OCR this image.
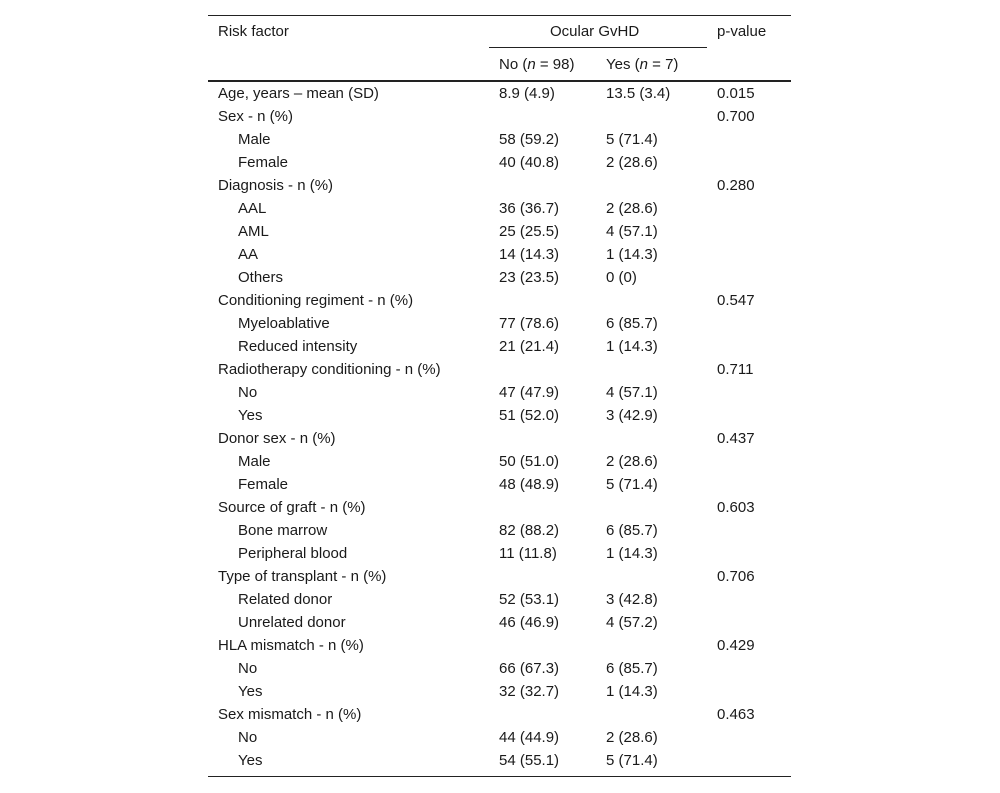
Risk factor	Ocular GvHD	p-value
No (n = 98) Yes (n = 7)
Age, years – mean (SD)	8.9 (4.9)	13.5 (3.4)	0.015
Sex - n (%)	0.700
Male	58 (59.2)	5 (71.4)
Female	40 (40.8)	2 (28.6)
Diagnosis - n (%)	0.280
AAL	36 (36.7)	2 (28.6)
AML	25 (25.5)	4 (57.1)
AA	14 (14.3)	1 (14.3)
Others	23 (23.5)	0 (0)
Conditioning regiment - n (%)	0.547
Myeloablative	77 (78.6)	6 (85.7)
Reduced intensity	21 (21.4)	1 (14.3)
Radiotherapy conditioning - n (%)	0.711
No	47 (47.9)	4 (57.1)
Yes	51 (52.0)	3 (42.9)
Donor sex - n (%)	0.437
Male	50 (51.0)	2 (28.6)
Female	48 (48.9)	5 (71.4)
Source of graft - n (%)	0.603
Bone marrow	82 (88.2)	6 (85.7)
Peripheral blood	11 (11.8)	1 (14.3)
Type of transplant - n (%)	0.706
Related donor	52 (53.1)	3 (42.8)
Unrelated donor	46 (46.9)	4 (57.2)
HLA mismatch - n (%)	0.429
No	66 (67.3)	6 (85.7)
Yes	32 (32.7)	1 (14.3)
Sex mismatch - n (%)	0.463
No	44 (44.9)	2 (28.6)
Yes	54 (55.1)	5 (71.4)
